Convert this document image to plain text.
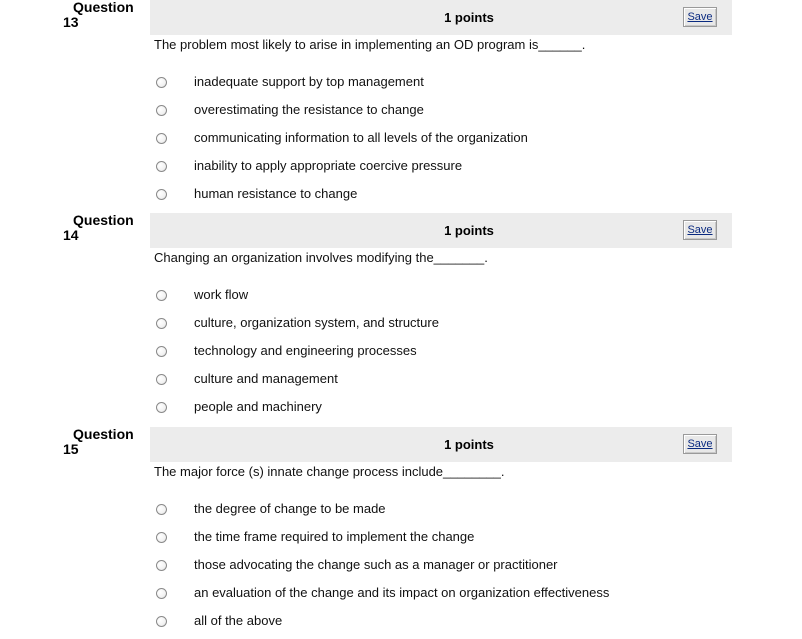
Question
13	1 points	Save
The problem most likely to arise in implementing an OD program is______.
inadequate support by top management
overestimating the resistance to change
communicating information to all levels of the organization
inability to apply appropriate coercive pressure
human resistance to change
Question
14	1 points	Save
Changing an organization involves modifying the_______.
work flow
culture, organization system, and structure
technology and engineering processes
culture and management
people and machinery
Question
15	1 points	Save
The major force (s) innate change process include________.
the degree of change to be made
the time frame required to implement the change
those advocating the change such as a manager or practitioner
an evaluation of the change and its impact on organization effectiveness
all of the above
